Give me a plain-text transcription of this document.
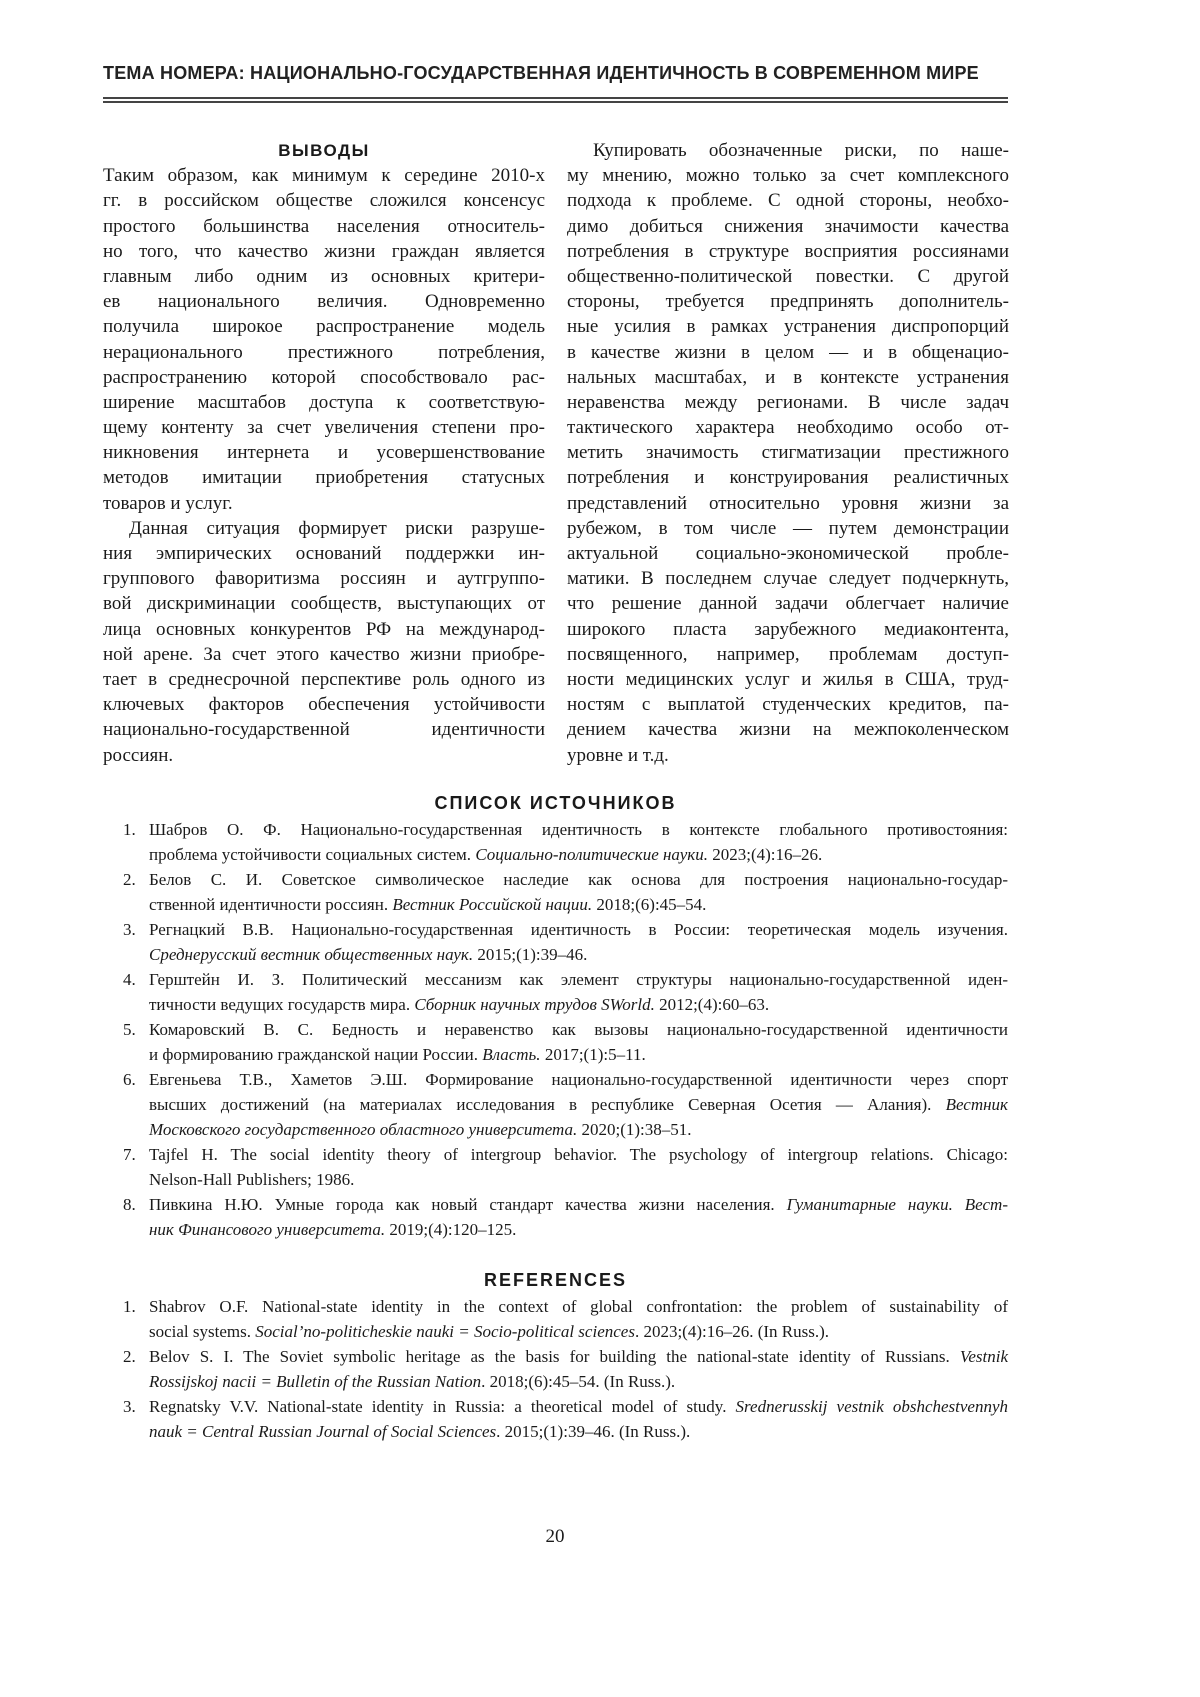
ТЕМА НОМЕРА: НАЦИОНАЛЬНО-ГОСУДАРСТВЕННАЯ ИДЕНТИЧНОСТЬ В СОВРЕМЕННОМ МИРЕ
ВЫВОДЫ
Таким образом, как минимум к середине 2010-х
гг. в российском обществе сложился консенсус
простого большинства населения относитель-
но того, что качество жизни граждан является
главным либо одним из основных критери-
ев национального величия. Одновременно
получила широкое распространение модель
нерационального престижного потребления,
распространению которой способствовало рас-
ширение масштабов доступа к соответствую-
щему контенту за счет увеличения степени про-
никновения интернета и усовершенствование
методов имитации приобретения статусных
товаров и услуг.
Данная ситуация формирует риски разруше-
ния эмпирических оснований поддержки ин-
группового фаворитизма россиян и аутгруппо-
вой дискриминации сообществ, выступающих от
лица основных конкурентов РФ на международ-
ной арене. За счет этого качество жизни приобре-
тает в среднесрочной перспективе роль одного из
ключевых факторов обеспечения устойчивости
национально-государственной идентичности
россиян.
Купировать обозначенные риски, по наше-
му мнению, можно только за счет комплексного
подхода к проблеме. С одной стороны, необхо-
димо добиться снижения значимости качества
потребления в структуре восприятия россиянами
общественно-политической повестки. С другой
стороны, требуется предпринять дополнитель-
ные усилия в рамках устранения диспропорций
в качестве жизни в целом — и в общенацио-
нальных масштабах, и в контексте устранения
неравенства между регионами. В числе задач
тактического характера необходимо особо от-
метить значимость стигматизации престижного
потребления и конструирования реалистичных
представлений относительно уровня жизни за
рубежом, в том числе — путем демонстрации
актуальной социально-экономической пробле-
матики. В последнем случае следует подчеркнуть,
что решение данной задачи облегчает наличие
широкого пласта зарубежного медиаконтента,
посвященного, например, проблемам доступ-
ности медицинских услуг и жилья в США, труд-
ностям с выплатой студенческих кредитов, па-
дением качества жизни на межпоколенческом
уровне и т.д.
СПИСОК ИСТОЧНИКОВ
1. Шабров О. Ф. Национально-государственная идентичность в контексте глобального противостояния:
проблема устойчивости социальных систем. Социально-политические науки. 2023;(4):16–26.
2. Белов С. И. Советское символическое наследие как основа для построения национально-государ-
ственной идентичности россиян. Вестник Российской нации. 2018;(6):45–54.
3. Регнацкий В.В. Национально-государственная идентичность в России: теоретическая модель изучения.
Среднерусский вестник общественных наук. 2015;(1):39–46.
4. Герштейн И. З. Политический мессанизм как элемент структуры национально-государственной иден-
тичности ведущих государств мира. Сборник научных трудов SWorld. 2012;(4):60–63.
5. Комаровский В. С. Бедность и неравенство как вызовы национально-государственной идентичности
и формированию гражданской нации России. Власть. 2017;(1):5–11.
6. Евгеньева Т.В., Хаметов Э.Ш. Формирование национально-государственной идентичности через спорт
высших достижений (на материалах исследования в республике Северная Осетия — Алания). Вестник
Московского государственного областного университета. 2020;(1):38–51.
7. Tajfel H. The social identity theory of intergroup behavior. The psychology of intergroup relations. Chicago:
Nelson-Hall Publishers; 1986.
8. Пивкина Н.Ю. Умные города как новый стандарт качества жизни населения. Гуманитарные науки. Вест-
ник Финансового университета. 2019;(4):120–125.
REFERENCES
1. Shabrov O.F. National-state identity in the context of global confrontation: the problem of sustainability of
social systems. Social’no-politicheskie nauki = Socio-political sciences. 2023;(4):16–26. (In Russ.).
2. Belov S. I. The Soviet symbolic heritage as the basis for building the national-state identity of Russians. Vestnik
Rossijskoj nacii = Bulletin of the Russian Nation. 2018;(6):45–54. (In Russ.).
3. Regnatsky V.V. National-state identity in Russia: a theoretical model of study. Srednerusskij vestnik obshchestvennyh
nauk = Central Russian Journal of Social Sciences. 2015;(1):39–46. (In Russ.).
20
